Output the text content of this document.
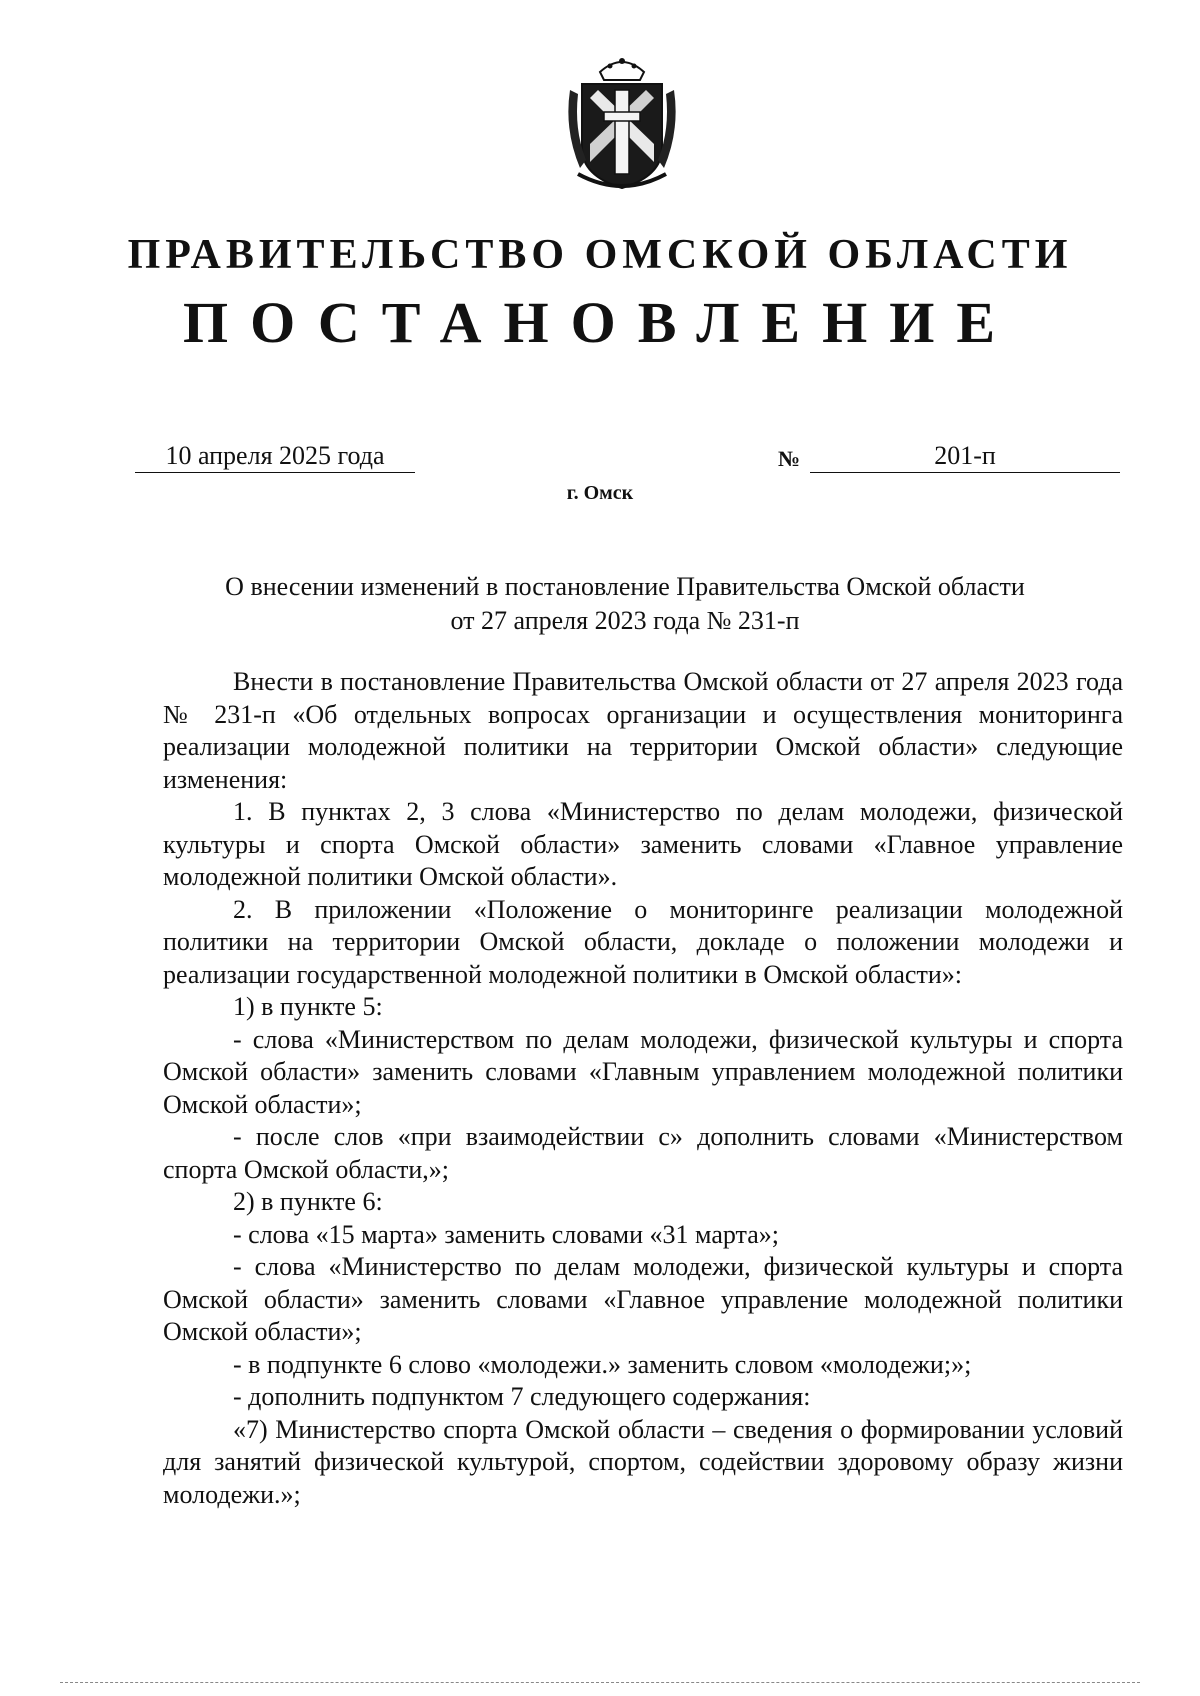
ПРАВИТЕЛЬСТВО ОМСКОЙ ОБЛАСТИ
ПОСТАНОВЛЕНИЕ
10 апреля 2025 года	№	201-п
г. Омск
О внесении изменений в постановление Правительства Омской области
от 27 апреля 2023 года № 231-п

Внести в постановление Правительства Омской области от 27 апреля 2023 года № 231-п «Об отдельных вопросах организации и осуществления мониторинга реализации молодежной политики на территории Омской области» следующие изменения:

1. В пунктах 2, 3 слова «Министерство по делам молодежи, физической культуры и спорта Омской области» заменить словами «Главное управление молодежной политики Омской области».

2. В приложении «Положение о мониторинге реализации молодежной политики на территории Омской области, докладе о положении молодежи и реализации государственной молодежной политики в Омской области»:

1) в пункте 5:

- слова «Министерством по делам молодежи, физической культуры и спорта Омской области» заменить словами «Главным управлением молодежной политики Омской области»;

- после слов «при взаимодействии с» дополнить словами «Министерством спорта Омской области,»;

2) в пункте 6:

- слова «15 марта» заменить словами «31 марта»;

- слова «Министерство по делам молодежи, физической культуры и спорта Омской области» заменить словами «Главное управление молодежной политики Омской области»;

- в подпункте 6 слово «молодежи.» заменить словом «молодежи;»;

- дополнить подпунктом 7 следующего содержания:

«7) Министерство спорта Омской области – сведения о формировании условий для занятий физической культурой, спортом, содействии здоровому образу жизни молодежи.»;
